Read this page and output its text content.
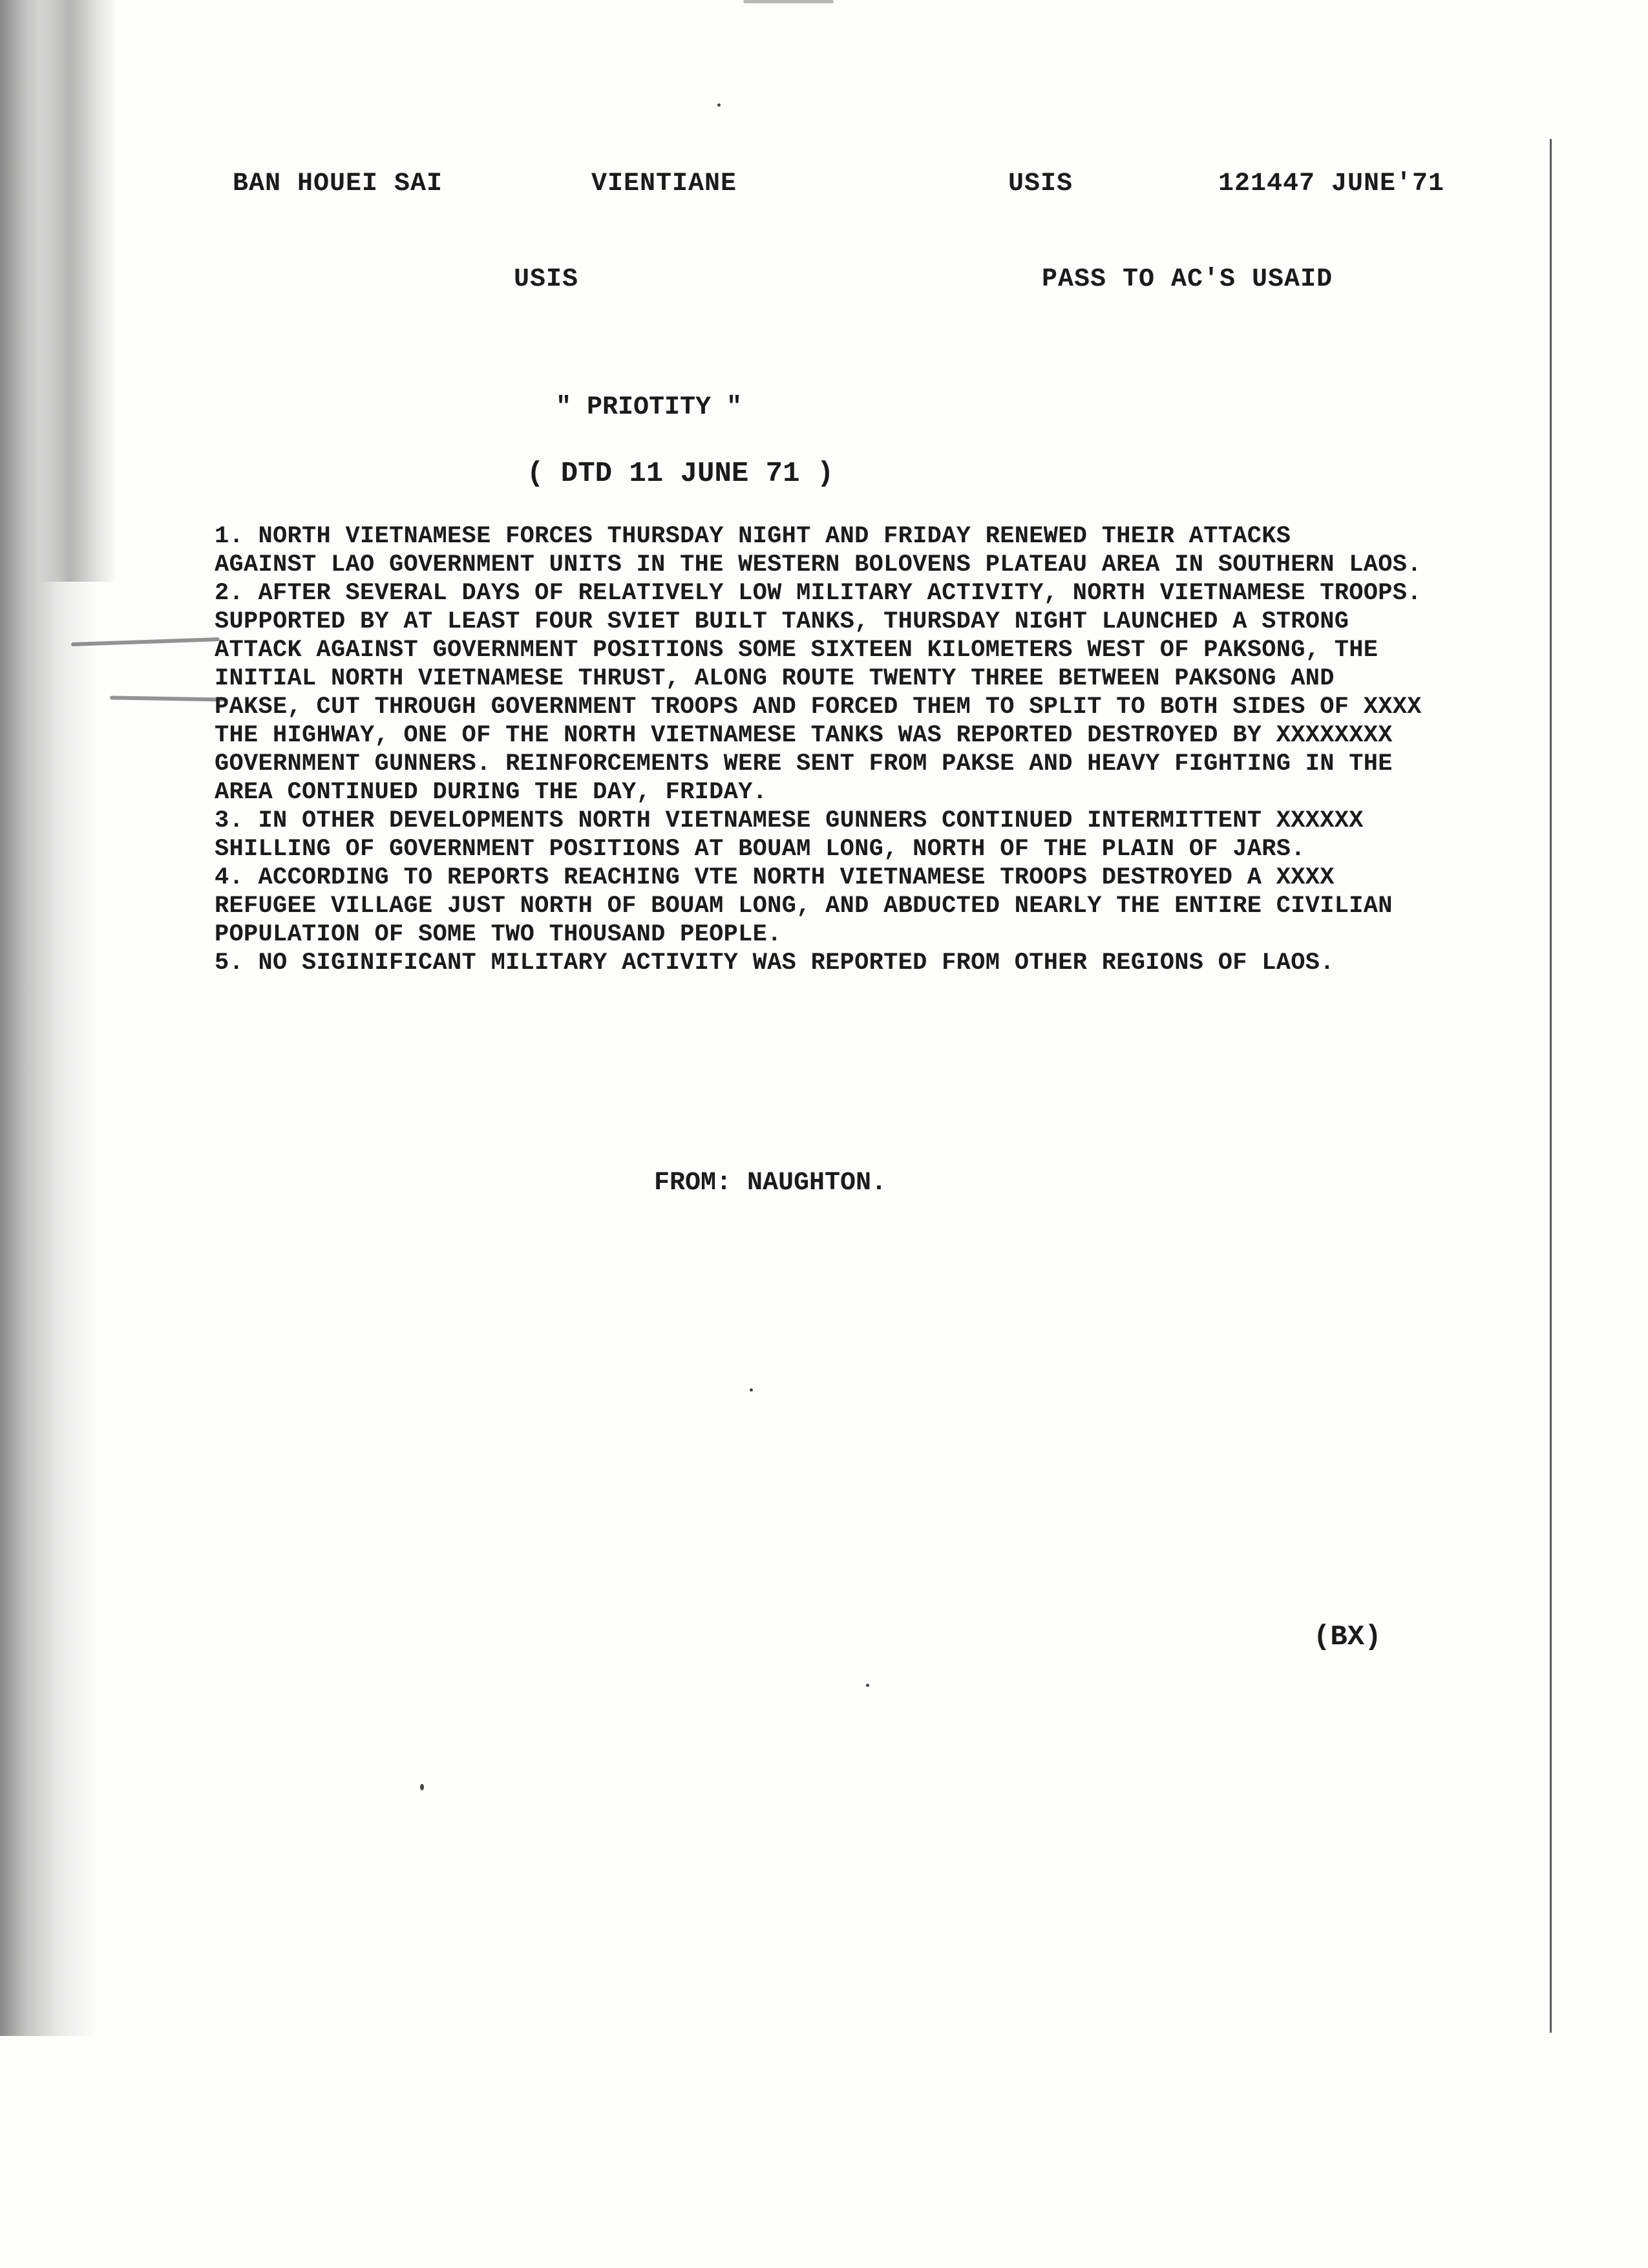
BAN HOUEI SAI	VIENTIANE	USIS	121447 JUNE'71
USIS	PASS TO AC'S USAID
" PRIOTITY "
( DTD 11 JUNE 71 )
1. NORTH VIETNAMESE FORCES THURSDAY NIGHT AND FRIDAY RENEWED THEIR ATTACKS
AGAINST LAO GOVERNMENT UNITS IN THE WESTERN BOLOVENS PLATEAU AREA IN SOUTHERN LAOS.
2. AFTER SEVERAL DAYS OF RELATIVELY LOW MILITARY ACTIVITY, NORTH VIETNAMESE TROOPS.
SUPPORTED BY AT LEAST FOUR SVIET BUILT TANKS, THURSDAY NIGHT LAUNCHED A STRONG
ATTACK AGAINST GOVERNMENT POSITIONS SOME SIXTEEN KILOMETERS WEST OF PAKSONG, THE
INITIAL NORTH VIETNAMESE THRUST, ALONG ROUTE TWENTY THREE BETWEEN PAKSONG AND
PAKSE, CUT THROUGH GOVERNMENT TROOPS AND FORCED THEM TO SPLIT TO BOTH SIDES OF XXXX
THE HIGHWAY, ONE OF THE NORTH VIETNAMESE TANKS WAS REPORTED DESTROYED BY XXXXXXXX
GOVERNMENT GUNNERS. REINFORCEMENTS WERE SENT FROM PAKSE AND HEAVY FIGHTING IN THE
AREA CONTINUED DURING THE DAY, FRIDAY.
3. IN OTHER DEVELOPMENTS NORTH VIETNAMESE GUNNERS CONTINUED INTERMITTENT XXXXXX
SHILLING OF GOVERNMENT POSITIONS AT BOUAM LONG, NORTH OF THE PLAIN OF JARS.
4. ACCORDING TO REPORTS REACHING VTE NORTH VIETNAMESE TROOPS DESTROYED A XXXX
REFUGEE VILLAGE JUST NORTH OF BOUAM LONG, AND ABDUCTED NEARLY THE ENTIRE CIVILIAN
POPULATION OF SOME TWO THOUSAND PEOPLE.
5. NO SIGINIFICANT MILITARY ACTIVITY WAS REPORTED FROM OTHER REGIONS OF LAOS.
FROM: NAUGHTON.
(BX)
